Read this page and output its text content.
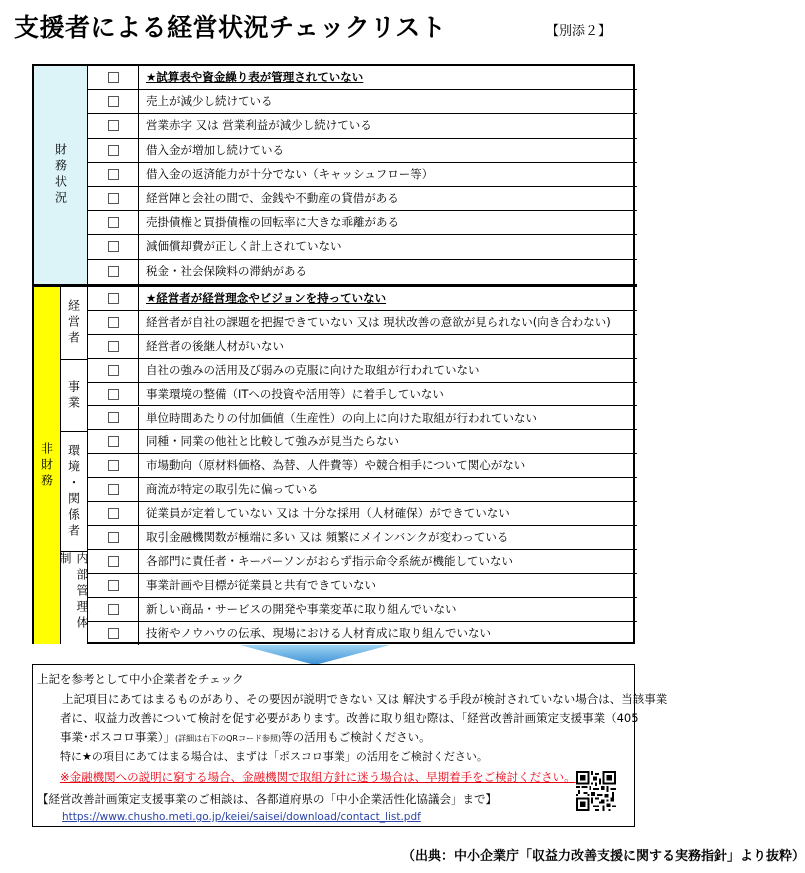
支援者による経営状況チェックリスト	【別添２】
財務状況
★試算表や資金繰り表が管理されていない
売上が減少し続けている
営業赤字 又は 営業利益が減少し続けている
借入金が増加し続けている
借入金の返済能力が十分でない（キャッシュフロー等）
経営陣と会社の間で、金銭や不動産の貸借がある
売掛債権と買掛債権の回転率に大きな乖離がある
減価償却費が正しく計上されていない
税金・社会保険料の滞納がある
非財務
経営者
事業
環境・関係者
内部管理体制
★経営者が経営理念やビジョンを持っていない
経営者が自社の課題を把握できていない 又は 現状改善の意欲が見られない(向き合わない)
経営者の後継人材がいない
自社の強みの活用及び弱みの克服に向けた取組が行われていない
事業環境の整備（ITへの投資や活用等）に着手していない
単位時間あたりの付加価値（生産性）の向上に向けた取組が行われていない
同種・同業の他社と比較して強みが見当たらない
市場動向（原材料価格、為替、人件費等）や競合相手について関心がない
商流が特定の取引先に偏っている
従業員が定着していない 又は 十分な採用（人材確保）ができていない
取引金融機関数が極端に多い 又は 頻繁にメインバンクが変わっている
各部門に責任者・キーパーソンがおらず指示命令系統が機能していない
事業計画や目標が従業員と共有できていない
新しい商品・サービスの開発や事業変革に取り組んでいない
技術やノウハウの伝承、現場における人材育成に取り組んでいない
上記を参考として中小企業者をチェック
上記項目にあてはまるものがあり、その要因が説明できない 又は 解決する手段が検討されていない場合は、当該事業
者に、収益力改善について検討を促す必要があります。改善に取り組む際は、「経営改善計画策定支援事業（405
事業･ポスコロ事業）」(詳細は右下のQRコード参照)等の活用もご検討ください。
特に★の項目にあてはまる場合は、まずは「ポスコロ事業」の活用をご検討ください。
※金融機関への説明に窮する場合、金融機関で取組方針に迷う場合は、早期着手をご検討ください。
【経営改善計画策定支援事業のご相談は、各都道府県の「中小企業活性化協議会」まで】
https://www.chusho.meti.go.jp/keiei/saisei/download/contact_list.pdf
（出典：中小企業庁「収益力改善支援に関する実務指針」より抜粋）
